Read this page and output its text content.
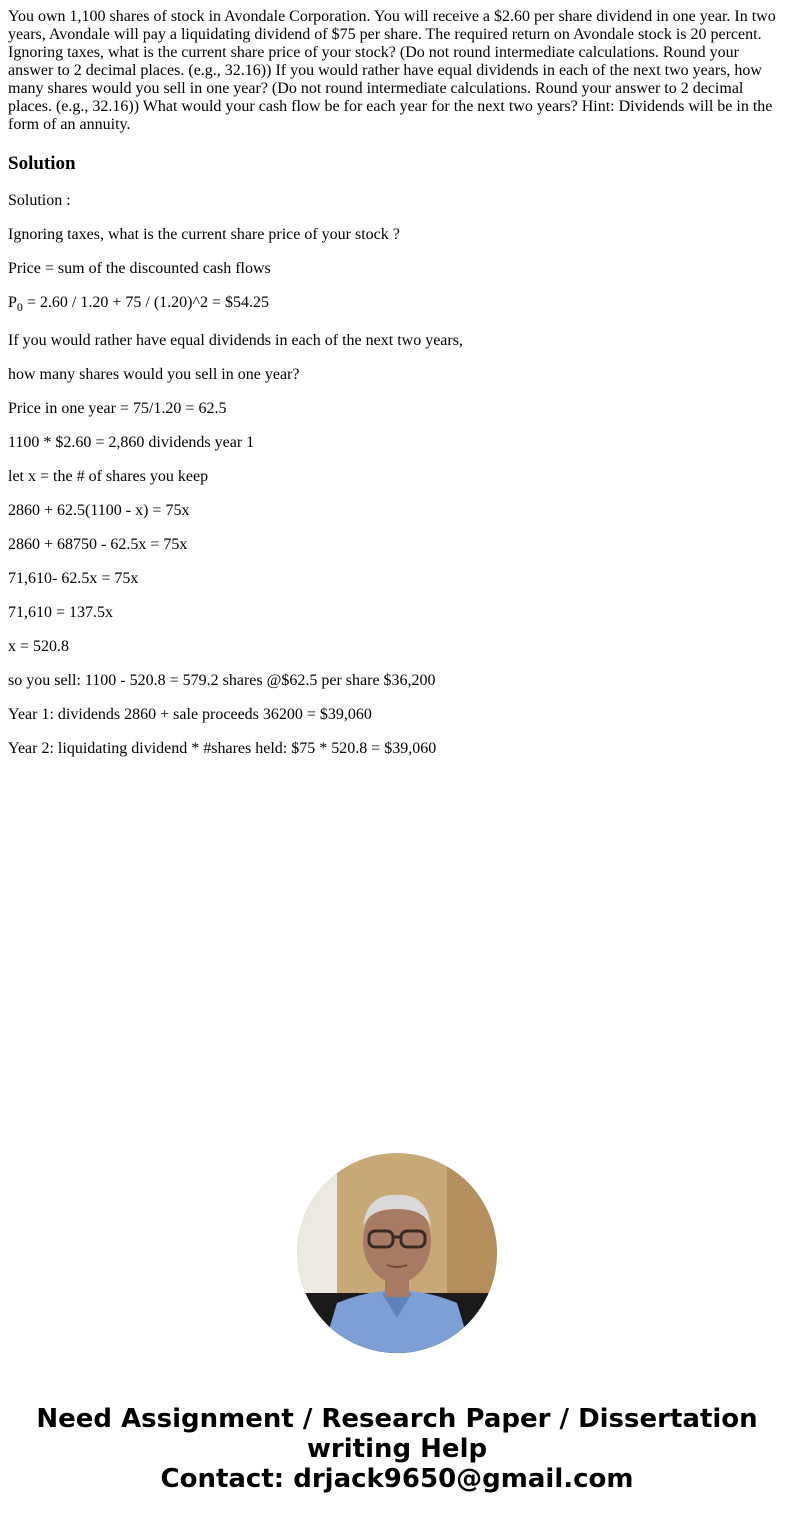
You own 1,100 shares of stock in Avondale Corporation. You will receive a $2.60 per share dividend in one year. In two years, Avondale will pay a liquidating dividend of $75 per share. The required return on Avondale stock is 20 percent. Ignoring taxes, what is the current share price of your stock? (Do not round intermediate calculations. Round your answer to 2 decimal places. (e.g., 32.16)) If you would rather have equal dividends in each of the next two years, how many shares would you sell in one year? (Do not round intermediate calculations. Round your answer to 2 decimal places. (e.g., 32.16)) What would your cash flow be for each year for the next two years? Hint: Dividends will be in the form of an annuity.

Solution

Solution :

Ignoring taxes, what is the current share price of your stock ?

Price = sum of the discounted cash flows

$P_0 = 2.60 / 1.20 + 75$ / (1.20)^2 = $54.25

If you would rather have equal dividends in each of the next two years,

how many shares would you sell in one year?

Price in one year = 75/1.20 = 62.5

1100 * $2.60 = 2,860 dividends year 1

let x = the # of shares you keep

2860 + 62.5(1100 - x) = 75x

2860 + 68750 - 62.5x = 75x

71,610- 62.5x = 75x

71,610 = 137.5x

x = 520.8

so you sell: 1100 - 520.8 = 579.2 shares @$62.5 per share $36,200

Year 1: dividends 2860 + sale proceeds 36200 = $39,060

Year 2: liquidating dividend * #shares held: $75 * 520.8 = $39,060

Need Assignment / Research Paper / Dissertation
writing Help
Contact: drjack9650@gmail.com
